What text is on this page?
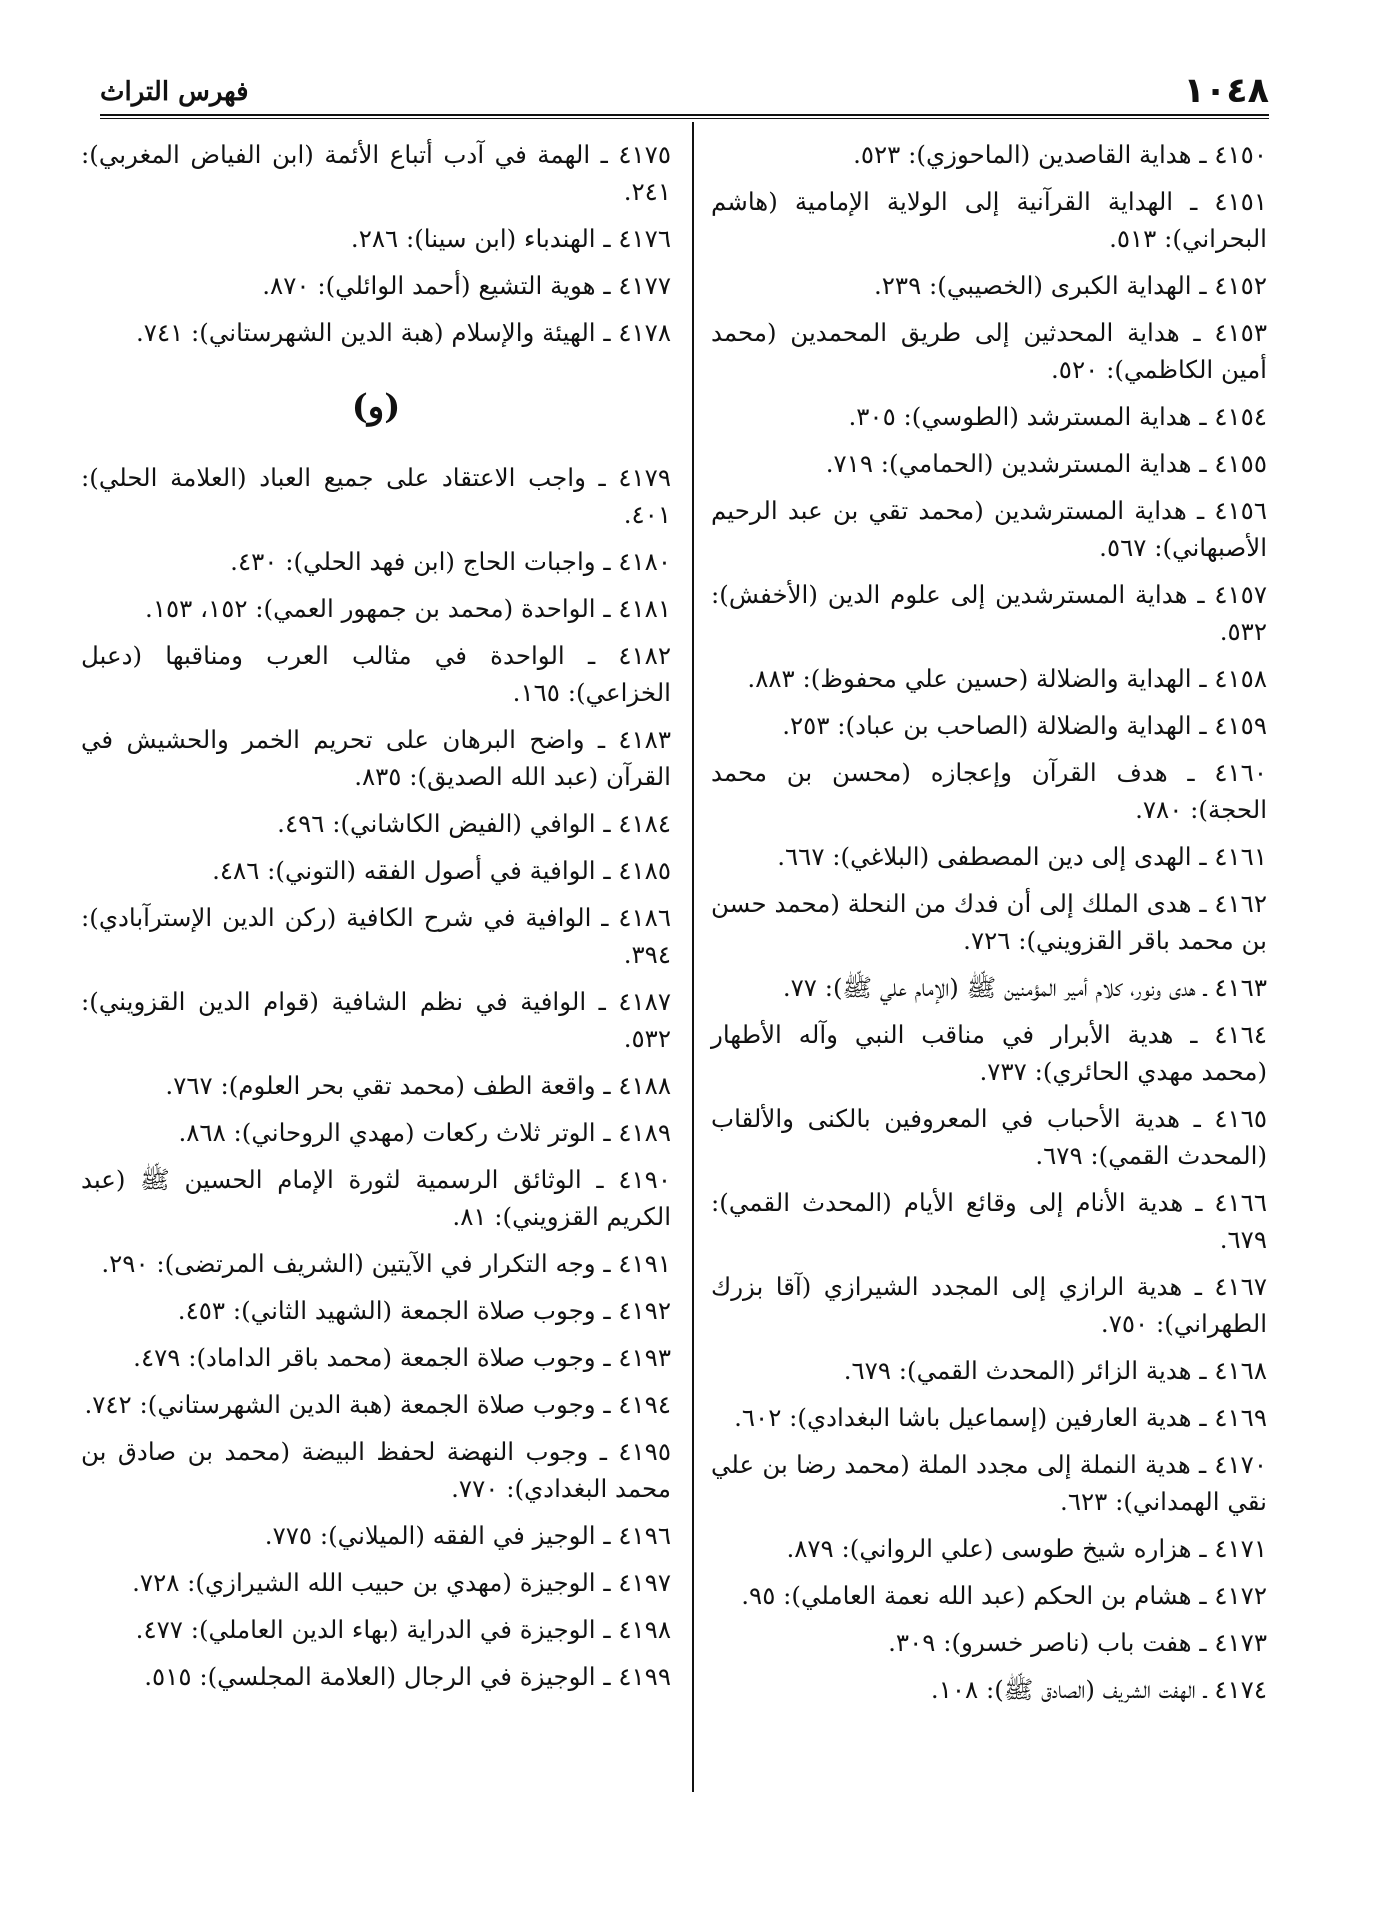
١٠٤٨
فهرس التراث
٤١٥٠ ـ هداية القاصدين (الماحوزي): ٥٢٣.
٤١٥١ ـ الهداية القرآنية إلى الولاية الإمامية (هاشم البحراني): ٥١٣.
٤١٥٢ ـ الهداية الكبرى (الخصيبي): ٢٣٩.
٤١٥٣ ـ هداية المحدثين إلى طريق المحمدين (محمد أمين الكاظمي): ٥٢٠.
٤١٥٤ ـ هداية المسترشد (الطوسي): ٣٠٥.
٤١٥٥ ـ هداية المسترشدين (الحمامي): ٧١٩.
٤١٥٦ ـ هداية المسترشدين (محمد تقي بن عبد الرحيم الأصبهاني): ٥٦٧.
٤١٥٧ ـ هداية المسترشدين إلى علوم الدين (الأخفش): ٥٣٢.
٤١٥٨ ـ الهداية والضلالة (حسين علي محفوظ): ٨٨٣.
٤١٥٩ ـ الهداية والضلالة (الصاحب بن عباد): ٢٥٣.
٤١٦٠ ـ هدف القرآن وإعجازه (محسن بن محمد الحجة): ٧٨٠.
٤١٦١ ـ الهدى إلى دين المصطفى (البلاغي): ٦٦٧.
٤١٦٢ ـ هدى الملك إلى أن فدك من النحلة (محمد حسن بن محمد باقر القزويني): ٧٢٦.
٤١٦٣ ـ هدى ونور، كلام أمير المؤمنين ﷺ (الإمام علي ﷺ): ٧٧.
٤١٦٤ ـ هدية الأبرار في مناقب النبي وآله الأطهار (محمد مهدي الحائري): ٧٣٧.
٤١٦٥ ـ هدية الأحباب في المعروفين بالكنى والألقاب (المحدث القمي): ٦٧٩.
٤١٦٦ ـ هدية الأنام إلى وقائع الأيام (المحدث القمي): ٦٧٩.
٤١٦٧ ـ هدية الرازي إلى المجدد الشيرازي (آقا بزرك الطهراني): ٧٥٠.
٤١٦٨ ـ هدية الزائر (المحدث القمي): ٦٧٩.
٤١٦٩ ـ هدية العارفين (إسماعيل باشا البغدادي): ٦٠٢.
٤١٧٠ ـ هدية النملة إلى مجدد الملة (محمد رضا بن علي نقي الهمداني): ٦٢٣.
٤١٧١ ـ هزاره شيخ طوسى (علي الرواني): ٨٧٩.
٤١٧٢ ـ هشام بن الحكم (عبد الله نعمة العاملي): ٩٥.
٤١٧٣ ـ هفت باب (ناصر خسرو): ٣٠٩.
٤١٧٤ ـ الهفت الشريف (الصادق ﷺ): ١٠٨.
٤١٧٥ ـ الهمة في آدب أتباع الأئمة (ابن الفياض المغربي): ٢٤١.
٤١٧٦ ـ الهندباء (ابن سينا): ٢٨٦.
٤١٧٧ ـ هوية التشيع (أحمد الوائلي): ٨٧٠.
٤١٧٨ ـ الهيئة والإسلام (هبة الدين الشهرستاني): ٧٤١.
(و)
٤١٧٩ ـ واجب الاعتقاد على جميع العباد (العلامة الحلي): ٤٠١.
٤١٨٠ ـ واجبات الحاج (ابن فهد الحلي): ٤٣٠.
٤١٨١ ـ الواحدة (محمد بن جمهور العمي): ١٥٢، ١٥٣.
٤١٨٢ ـ الواحدة في مثالب العرب ومناقبها (دعبل الخزاعي): ١٦٥.
٤١٨٣ ـ واضح البرهان على تحريم الخمر والحشيش في القرآن (عبد الله الصديق): ٨٣٥.
٤١٨٤ ـ الوافي (الفيض الكاشاني): ٤٩٦.
٤١٨٥ ـ الوافية في أصول الفقه (التوني): ٤٨٦.
٤١٨٦ ـ الوافية في شرح الكافية (ركن الدين الإسترآبادي): ٣٩٤.
٤١٨٧ ـ الوافية في نظم الشافية (قوام الدين القزويني): ٥٣٢.
٤١٨٨ ـ واقعة الطف (محمد تقي بحر العلوم): ٧٦٧.
٤١٨٩ ـ الوتر ثلاث ركعات (مهدي الروحاني): ٨٦٨.
٤١٩٠ ـ الوثائق الرسمية لثورة الإمام الحسين ﷺ (عبد الكريم القزويني): ٨١.
٤١٩١ ـ وجه التكرار في الآيتين (الشريف المرتضى): ٢٩٠.
٤١٩٢ ـ وجوب صلاة الجمعة (الشهيد الثاني): ٤٥٣.
٤١٩٣ ـ وجوب صلاة الجمعة (محمد باقر الداماد): ٤٧٩.
٤١٩٤ ـ وجوب صلاة الجمعة (هبة الدين الشهرستاني): ٧٤٢.
٤١٩٥ ـ وجوب النهضة لحفظ البيضة (محمد بن صادق بن محمد البغدادي): ٧٧٠.
٤١٩٦ ـ الوجيز في الفقه (الميلاني): ٧٧٥.
٤١٩٧ ـ الوجيزة (مهدي بن حبيب الله الشيرازي): ٧٢٨.
٤١٩٨ ـ الوجيزة في الدراية (بهاء الدين العاملي): ٤٧٧.
٤١٩٩ ـ الوجيزة في الرجال (العلامة المجلسي): ٥١٥.
